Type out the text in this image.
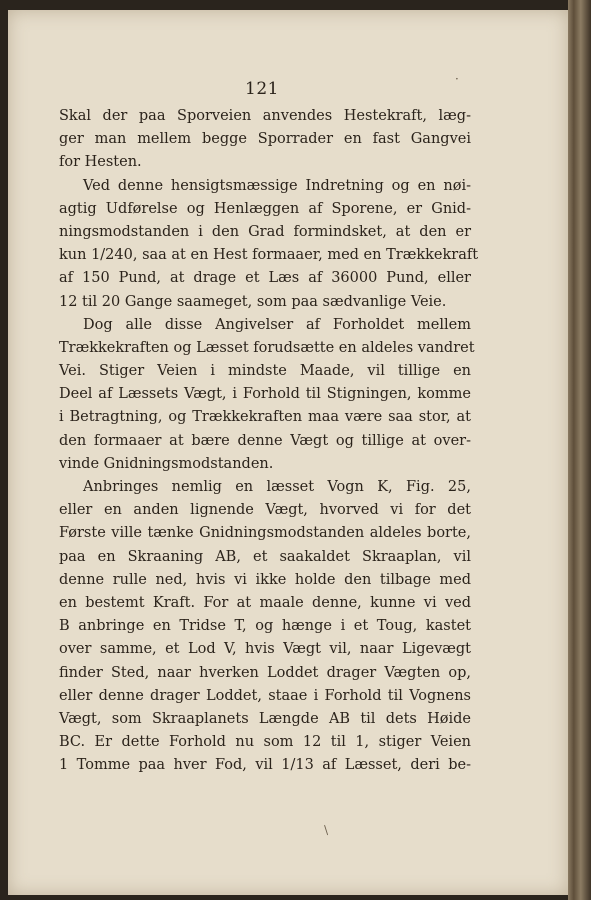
121
Skal der paa Sporveien anvendes Hestekraft, læg-
ger man mellem begge Sporrader en fast Gangvei
for Hesten.
Ved denne hensigtsmæssige Indretning og en nøi-
agtig Udførelse og Henlæggen af Sporene, er Gnid-
ningsmodstanden i den Grad formindsket, at den er
kun 1/240, saa at en Hest formaaer, med en Trækkekraft
af 150 Pund, at drage et Læs af 36000 Pund, eller
12 til 20 Gange saameget, som paa sædvanlige Veie.
Dog alle disse Angivelser af Forholdet mellem
Trækkekraften og Læsset forudsætte en aldeles vandret
Vei. Stiger Veien i mindste Maade, vil tillige en
Deel af Læssets Vægt, i Forhold til Stigningen, komme
i Betragtning, og Trækkekraften maa være saa stor, at
den formaaer at bære denne Vægt og tillige at over-
vinde Gnidningsmodstanden.
Anbringes nemlig en læsset Vogn K, Fig. 25,
eller en anden lignende Vægt, hvorved vi for det
Første ville tænke Gnidningsmodstanden aldeles borte,
paa en Skraaning AB, et saakaldet Skraaplan, vil
denne rulle ned, hvis vi ikke holde den tilbage med
en bestemt Kraft. For at maale denne, kunne vi ved
B anbringe en Tridse T, og hænge i et Toug, kastet
over samme, et Lod V, hvis Vægt vil, naar Ligevægt
finder Sted, naar hverken Loddet drager Vægten op,
eller denne drager Loddet, staae i Forhold til Vognens
Vægt, som Skraaplanets Længde AB til dets Høide
BC. Er dette Forhold nu som 12 til 1, stiger Veien
1 Tomme paa hver Fod, vil 1/13 af Læsset, deri be-
·
/
